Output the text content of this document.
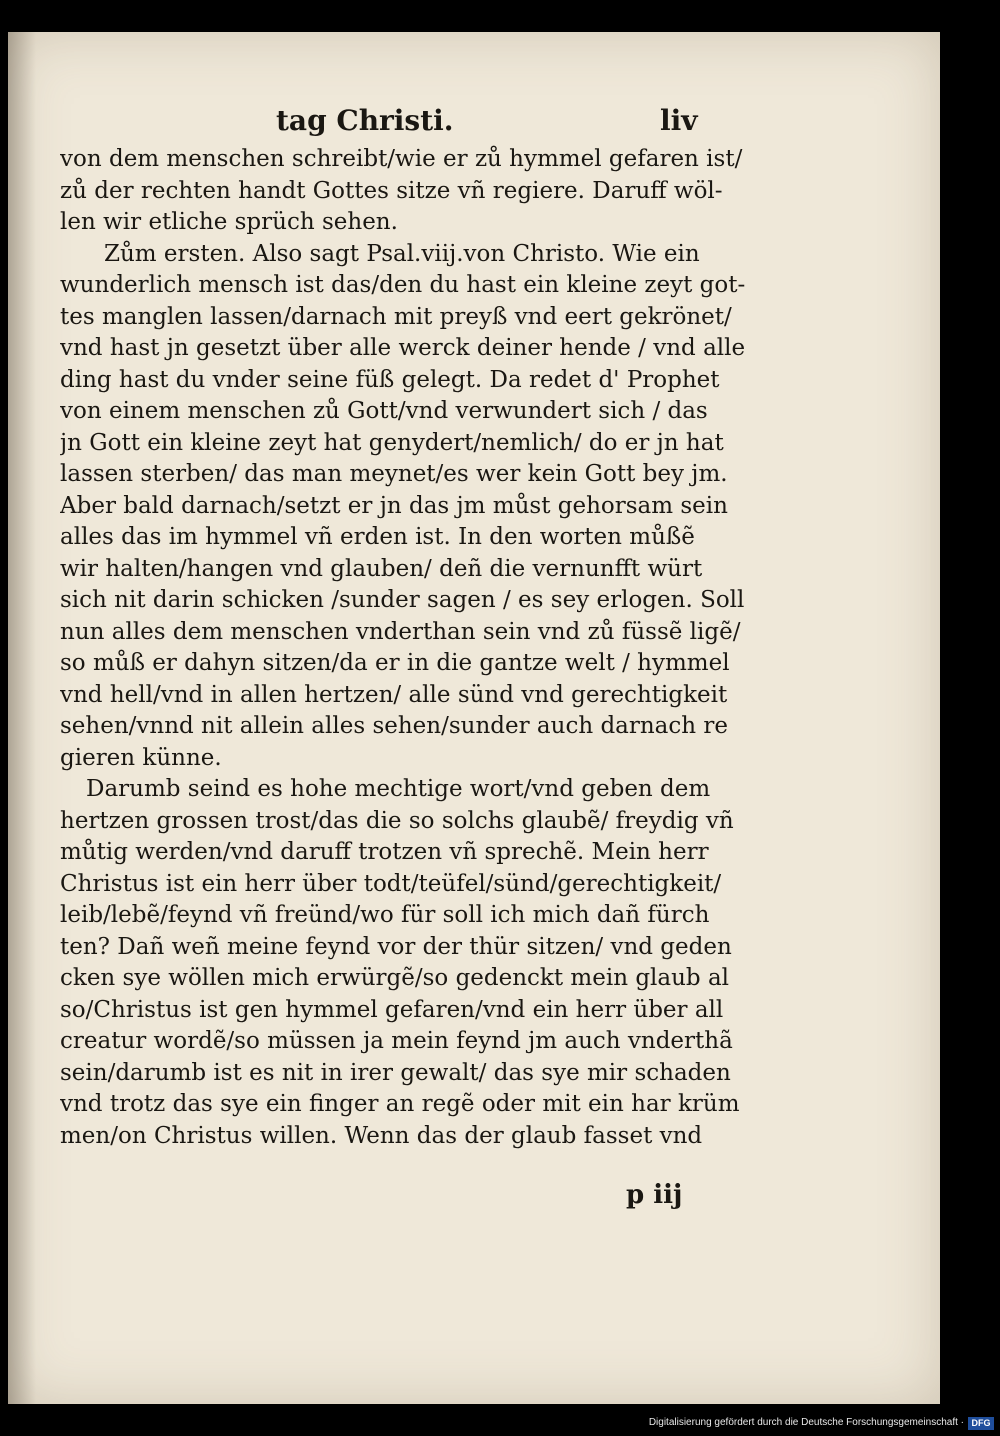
tag Christi.	liv
von dem menschen schreibt/wie er zů hymmel gefaren ist/
zů der rechten handt Gottes sitze vñ regiere. Daruff wöl-
len wir etliche sprüch sehen.
Zům ersten. Also sagt Psal.viij.von Christo. Wie ein
wunderlich mensch ist das/den du hast ein kleine zeyt got-
tes manglen lassen/darnach mit preyß vnd eert gekrönet/
vnd hast jn gesetzt über alle werck deiner hende / vnd alle
ding hast du vnder seine füß gelegt. Da redet d' Prophet
von einem menschen zů Gott/vnd verwundert sich / das
jn Gott ein kleine zeyt hat genydert/nemlich/ do er jn hat
lassen sterben/ das man meynet/es wer kein Gott bey jm.
Aber bald darnach/setzt er jn das jm můst gehorsam sein
alles das im hymmel vñ erden ist. In den worten můßẽ
wir halten/hangen vnd glauben/ deñ die vernunfft würt
sich nit darin schicken /sunder sagen / es sey erlogen. Soll
nun alles dem menschen vnderthan sein vnd zů füssẽ ligẽ/
so můß er dahyn sitzen/da er in die gantze welt / hymmel
vnd hell/vnd in allen hertzen/ alle sünd vnd gerechtigkeit
sehen/vnnd nit allein alles sehen/sunder auch darnach re
gieren künne.
Darumb seind es hohe mechtige wort/vnd geben dem
hertzen grossen trost/das die so solchs glaubẽ/ freydig vñ
můtig werden/vnd daruff trotzen vñ sprechẽ. Mein herr
Christus ist ein herr über todt/teüfel/sünd/gerechtigkeit/
leib/lebẽ/feynd vñ freünd/wo für soll ich mich dañ fürch
ten? Dañ weñ meine feynd vor der thür sitzen/ vnd geden
cken sye wöllen mich erwürgẽ/so gedenckt mein glaub al
so/Christus ist gen hymmel gefaren/vnd ein herr über all
creatur wordẽ/so müssen ja mein feynd jm auch vnderthã
sein/darumb ist es nit in irer gewalt/ das sye mir schaden
vnd trotz das sye ein finger an regẽ oder mit ein har krüm
men/on Christus willen. Wenn das der glaub fasset vnd
p iij
Digitalisierung gefördert durch die Deutsche Forschungsgemeinschaft · DFG
